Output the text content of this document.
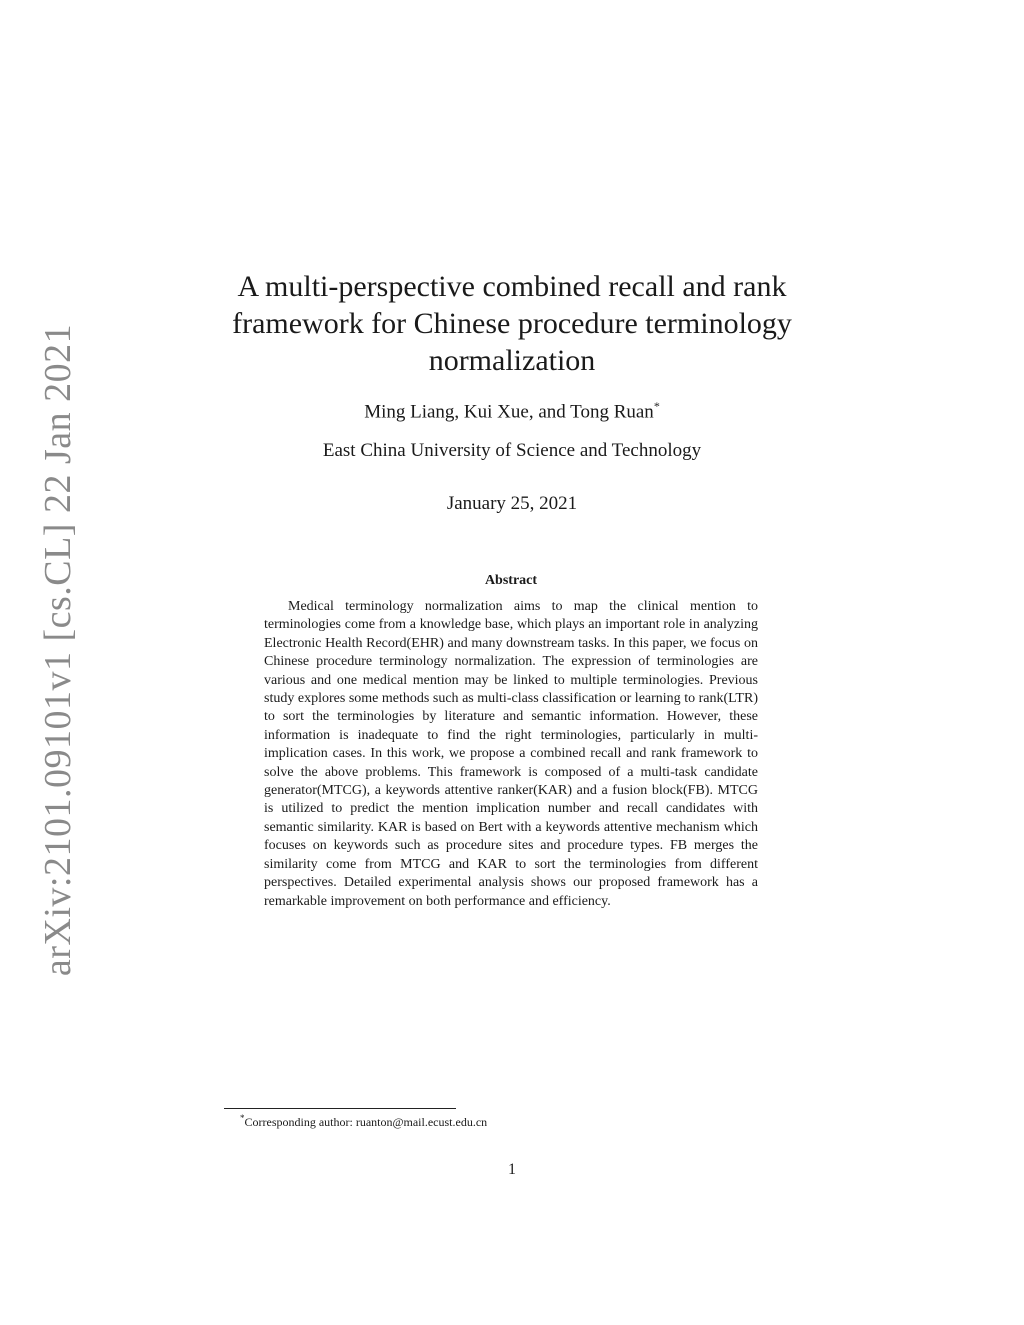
arXiv:2101.09101v1 [cs.CL] 22 Jan 2021
A multi-perspective combined recall and rank framework for Chinese procedure terminology normalization
Ming Liang, Kui Xue, and Tong Ruan*
East China University of Science and Technology
January 25, 2021
Abstract
Medical terminology normalization aims to map the clinical mention to terminologies come from a knowledge base, which plays an important role in analyzing Electronic Health Record(EHR) and many downstream tasks. In this paper, we focus on Chinese procedure terminology normalization. The expression of terminologies are various and one medical mention may be linked to multiple terminologies. Previous study explores some methods such as multi-class classification or learning to rank(LTR) to sort the terminologies by literature and semantic information. However, these information is inadequate to find the right terminologies, particularly in multi-implication cases. In this work, we propose a combined recall and rank framework to solve the above problems. This framework is composed of a multi-task candidate generator(MTCG), a keywords attentive ranker(KAR) and a fusion block(FB). MTCG is utilized to predict the mention implication number and recall candidates with semantic similarity. KAR is based on Bert with a keywords attentive mechanism which focuses on keywords such as procedure sites and procedure types. FB merges the similarity come from MTCG and KAR to sort the terminologies from different perspectives. Detailed experimental analysis shows our proposed framework has a remarkable improvement on both performance and efficiency.
*Corresponding author: ruanton@mail.ecust.edu.cn
1
